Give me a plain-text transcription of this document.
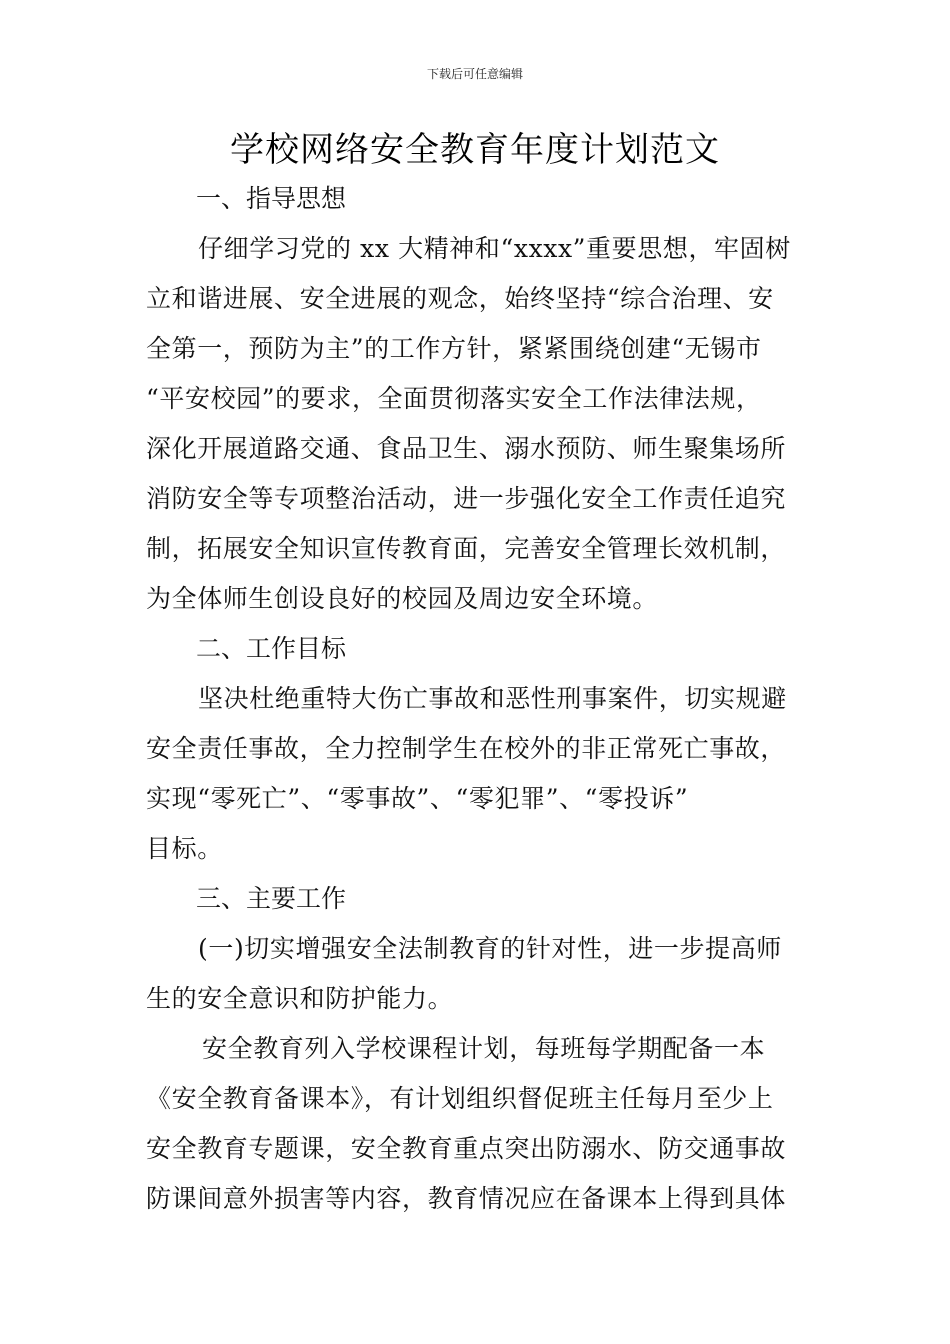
下载后可任意编辑
学校网络安全教育年度计划范文
一、指导思想

仔细学习党的 xx 大精神和“xxxx”重要思想，牢固树
立和谐进展、安全进展的观念，始终坚持“综合治理、安
全第一，预防为主”的工作方针，紧紧围绕创建“无锡市
“平安校园”的要求，全面贯彻落实安全工作法律法规，
深化开展道路交通、食品卫生、溺水预防、师生聚集场所
消防安全等专项整治活动，进一步强化安全工作责任追究
制，拓展安全知识宣传教育面，完善安全管理长效机制，
为全体师生创设良好的校园及周边安全环境。

二、工作目标

坚决杜绝重特大伤亡事故和恶性刑事案件，切实规避
安全责任事故，全力控制学生在校外的非正常死亡事故，
实现“零死亡”、“零事故”、“零犯罪”、“零投诉”
目标。

三、主要工作

(一)切实增强安全法制教育的针对性，进一步提高师
生的安全意识和防护能力。

安全教育列入学校课程计划，每班每学期配备一本
《安全教育备课本》，有计划组织督促班主任每月至少上
安全教育专题课，安全教育重点突出防溺水、防交通事故
防课间意外损害等内容，教育情况应在备课本上得到具体
